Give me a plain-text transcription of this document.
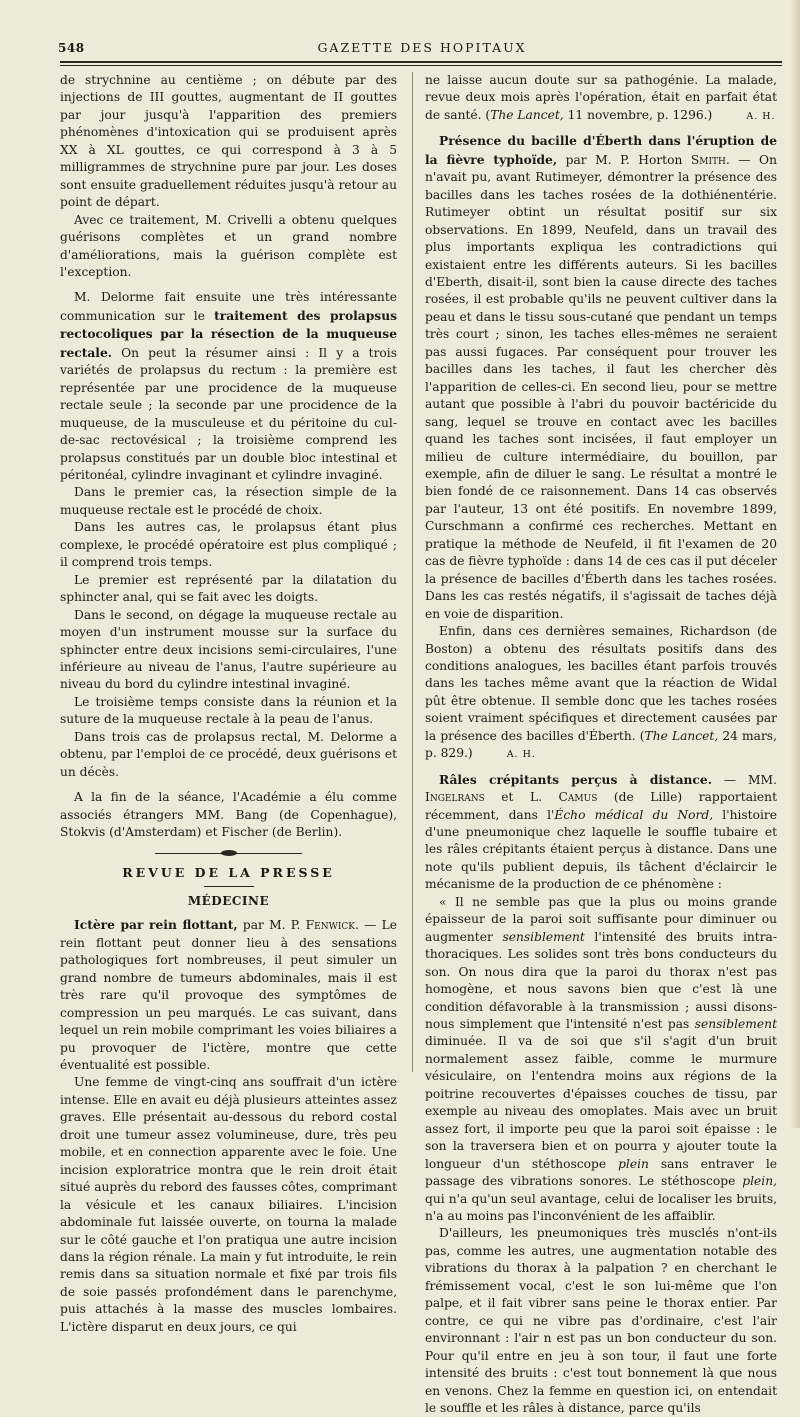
548	GAZETTE DES HOPITAUX

de strychnine au centième ; on débute par des injections de III gouttes, augmentant de II gouttes par jour jusqu'à l'apparition des premiers phénomènes d'intoxication qui se produisent après XX à XL gouttes, ce qui correspond à 3 à 5 milligrammes de strychnine pure par jour. Les doses sont ensuite graduellement réduites jusqu'à retour au point de départ.

Avec ce traitement, M. Crivelli a obtenu quelques guérisons complètes et un grand nombre d'améliorations, mais la guérison complète est l'exception.

M. Delorme fait ensuite une très intéressante communication sur le traitement des prolapsus rectocoliques par la résection de la muqueuse rectale. On peut la résumer ainsi : Il y a trois variétés de prolapsus du rectum : la première est représentée par une procidence de la muqueuse rectale seule ; la seconde par une procidence de la muqueuse, de la musculeuse et du péritoine du cul-de-sac rectovésical ; la troisième comprend les prolapsus constitués par un double bloc intestinal et péritonéal, cylindre invaginant et cylindre invaginé.

Dans le premier cas, la résection simple de la muqueuse rectale est le procédé de choix.

Dans les autres cas, le prolapsus étant plus complexe, le procédé opératoire est plus compliqué ; il comprend trois temps.

Le premier est représenté par la dilatation du sphincter anal, qui se fait avec les doigts.

Dans le second, on dégage la muqueuse rectale au moyen d'un instrument mousse sur la surface du sphincter entre deux incisions semi-circulaires, l'une inférieure au niveau de l'anus, l'autre supérieure au niveau du bord du cylindre intestinal invaginé.

Le troisième temps consiste dans la réunion et la suture de la muqueuse rectale à la peau de l'anus.

Dans trois cas de prolapsus rectal, M. Delorme a obtenu, par l'emploi de ce procédé, deux guérisons et un décès.

A la fin de la séance, l'Académie a élu comme associés étrangers MM. Bang (de Copenhague), Stokvis (d'Amsterdam) et Fischer (de Berlin).

REVUE DE LA PRESSE

MÉDECINE

Ictère par rein flottant, par M. P. Fenwick. — Le rein flottant peut donner lieu à des sensations pathologiques fort nombreuses, il peut simuler un grand nombre de tumeurs abdominales, mais il est très rare qu'il provoque des symptômes de compression un peu marqués. Le cas suivant, dans lequel un rein mobile comprimant les voies biliaires a pu provoquer de l'ictère, montre que cette éventualité est possible.

Une femme de vingt-cinq ans souffrait d'un ictère intense. Elle en avait eu déjà plusieurs atteintes assez graves. Elle présentait au-dessous du rebord costal droit une tumeur assez volumineuse, dure, très peu mobile, et en connection apparente avec le foie. Une incision exploratrice montra que le rein droit était situé auprès du rebord des fausses côtes, comprimant la vésicule et les canaux biliaires. L'incision abdominale fut laissée ouverte, on tourna la malade sur le côté gauche et l'on pratiqua une autre incision dans la région rénale. La main y fut introduite, le rein remis dans sa situation normale et fixé par trois fils de soie passés profondément dans le parenchyme, puis attachés à la masse des muscles lombaires. L'ictère disparut en deux jours, ce qui

ne laisse aucun doute sur sa pathogénie. La malade, revue deux mois après l'opération, était en parfait état de santé. (The Lancet, 11 novembre, p. 1296.)	A. H.

Présence du bacille d'Éberth dans l'éruption de la fièvre typhoïde, par M. P. Horton Smith. — On n'avait pu, avant Rutimeyer, démontrer la présence des bacilles dans les taches rosées de la dothiénentérie. Rutimeyer obtint un résultat positif sur six observations. En 1899, Neufeld, dans un travail des plus importants expliqua les contradictions qui existaient entre les différents auteurs. Si les bacilles d'Eberth, disait-il, sont bien la cause directe des taches rosées, il est probable qu'ils ne peuvent cultiver dans la peau et dans le tissu sous-cutané que pendant un temps très court ; sinon, les taches elles-mêmes ne seraient pas aussi fugaces. Par conséquent pour trouver les bacilles dans les taches, il faut les chercher dès l'apparition de celles-ci. En second lieu, pour se mettre autant que possible à l'abri du pouvoir bactéricide du sang, lequel se trouve en contact avec les bacilles quand les taches sont incisées, il faut employer un milieu de culture intermédiaire, du bouillon, par exemple, afin de diluer le sang. Le résultat a montré le bien fondé de ce raisonnement. Dans 14 cas observés par l'auteur, 13 ont été positifs. En novembre 1899, Curschmann a confirmé ces recherches. Mettant en pratique la méthode de Neufeld, il fit l'examen de 20 cas de fièvre typhoïde : dans 14 de ces cas il put déceler la présence de bacilles d'Éberth dans les taches rosées. Dans les cas restés négatifs, il s'agissait de taches déjà en voie de disparition.

Enfin, dans ces dernières semaines, Richardson (de Boston) a obtenu des résultats positifs dans des conditions analogues, les bacilles étant parfois trouvés dans les taches même avant que la réaction de Widal pût être obtenue. Il semble donc que les taches rosées soient vraiment spécifiques et directement causées par la présence des bacilles d'Éberth. (The Lancet, 24 mars, p. 829.)	A. H.

Râles crépitants perçus à distance. — MM. Ingelrans et L. Camus (de Lille) rapportaient récemment, dans l'Écho médical du Nord, l'histoire d'une pneumonique chez laquelle le souffle tubaire et les râles crépitants étaient perçus à distance. Dans une note qu'ils publient depuis, ils tâchent d'éclaircir le mécanisme de la production de ce phénomène :

« Il ne semble pas que la plus ou moins grande épaisseur de la paroi soit suffisante pour diminuer ou augmenter sensiblement l'intensité des bruits intra-thoraciques. Les solides sont très bons conducteurs du son. On nous dira que la paroi du thorax n'est pas homogène, et nous savons bien que c'est là une condition défavorable à la transmission ; aussi disons-nous simplement que l'intensité n'est pas sensiblement diminuée. Il va de soi que s'il s'agit d'un bruit normalement assez faible, comme le murmure vésiculaire, on l'entendra moins aux régions de la poitrine recouvertes d'épaisses couches de tissu, par exemple au niveau des omoplates. Mais avec un bruit assez fort, il importe peu que la paroi soit épaisse : le son la traversera bien et on pourra y ajouter toute la longueur d'un stéthoscope plein sans entraver le passage des vibrations sonores. Le stéthoscope plein, qui n'a qu'un seul avantage, celui de localiser les bruits, n'a au moins pas l'inconvénient de les affaiblir.

D'ailleurs, les pneumoniques très musclés n'ont-ils pas, comme les autres, une augmentation notable des vibrations du thorax à la palpation ? en cherchant le frémissement vocal, c'est le son lui-même que l'on palpe, et il fait vibrer sans peine le thorax entier. Par contre, ce qui ne vibre pas d'ordinaire, c'est l'air environnant : l'air n est pas un bon conducteur du son. Pour qu'il entre en jeu à son tour, il faut une forte intensité des bruits : c'est tout bonnement là que nous en venons. Chez la femme en question ici, on entendait le souffle et les râles à distance, parce qu'ils
